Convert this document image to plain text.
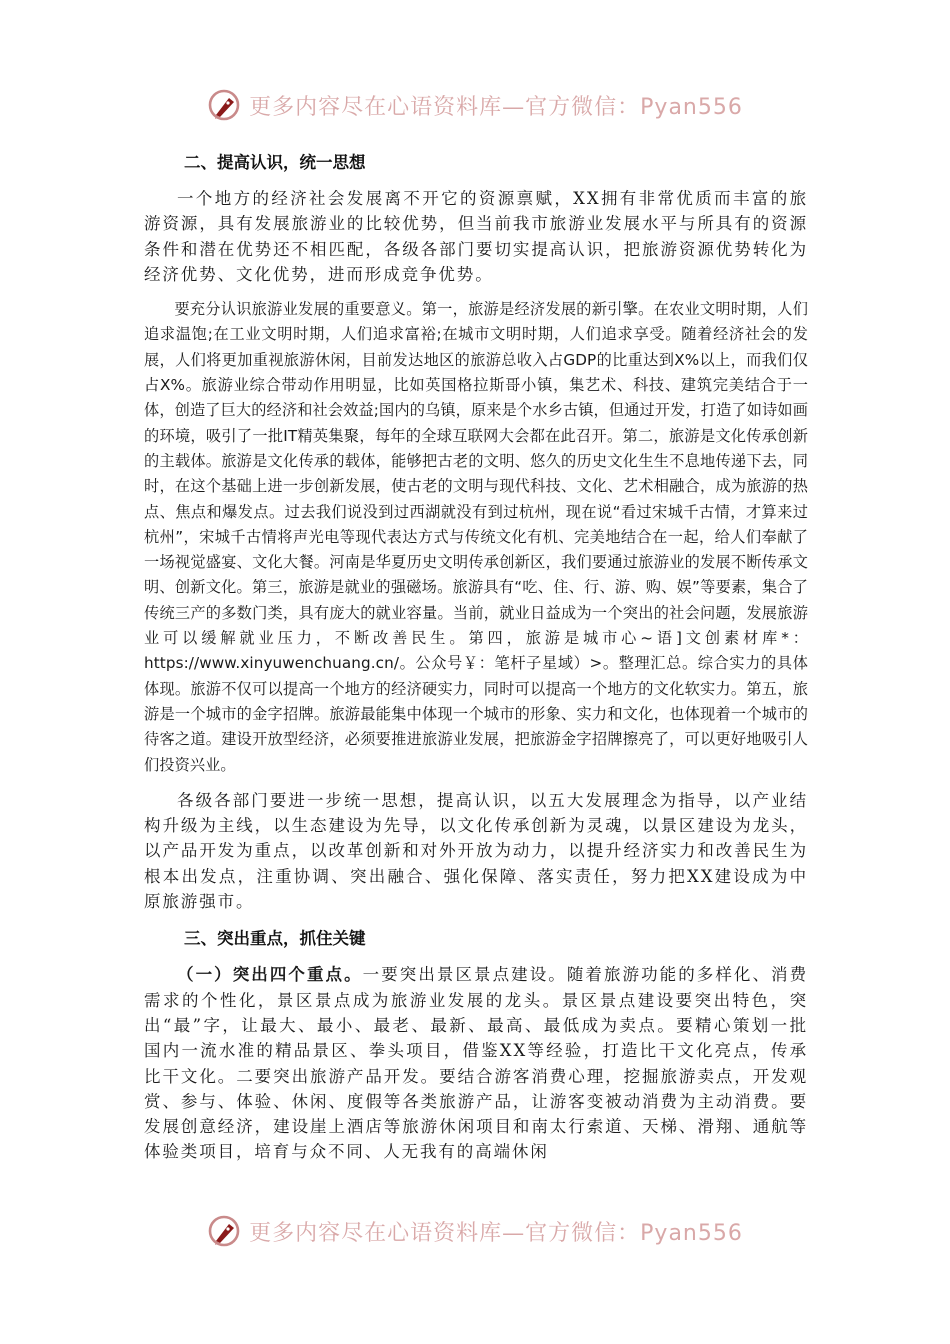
更多内容尽在心语资料库—官方微信：Pyan556
二、提高认识，统一思想

一个地方的经济社会发展离不开它的资源禀赋，XX拥有非常优质而丰富的旅游资源，具有发展旅游业的比较优势，但当前我市旅游业发展水平与所具有的资源条件和潜在优势还不相匹配，各级各部门要切实提高认识，把旅游资源优势转化为经济优势、文化优势，进而形成竞争优势。

要充分认识旅游业发展的重要意义。第一，旅游是经济发展的新引擎。在农业文明时期，人们追求温饱;在工业文明时期，人们追求富裕;在城市文明时期，人们追求享受。随着经济社会的发展，人们将更加重视旅游休闲，目前发达地区的旅游总收入占GDP的比重达到X%以上，而我们仅占X%。旅游业综合带动作用明显，比如英国格拉斯哥小镇，集艺术、科技、建筑完美结合于一体，创造了巨大的经济和社会效益;国内的乌镇，原来是个水乡古镇，但通过开发，打造了如诗如画的环境，吸引了一批IT精英集聚，每年的全球互联网大会都在此召开。第二，旅游是文化传承创新的主载体。旅游是文化传承的载体，能够把古老的文明、悠久的历史文化生生不息地传递下去，同时，在这个基础上进一步创新发展，使古老的文明与现代科技、文化、艺术相融合，成为旅游的热点、焦点和爆发点。过去我们说没到过西湖就没有到过杭州，现在说“看过宋城千古情，才算来过杭州”，宋城千古情将声光电等现代表达方式与传统文化有机、完美地结合在一起，给人们奉献了一场视觉盛宴、文化大餐。河南是华夏历史文明传承创新区，我们要通过旅游业的发展不断传承文明、创新文化。第三，旅游是就业的强磁场。旅游具有“吃、住、行、游、购、娱”等要素，集合了传统三产的多数门类，具有庞大的就业容量。当前，就业日益成为一个突出的社会问题，发展旅游业可以缓解就业压力，不断改善民生。第四，旅游是城市心~语]文创素材库*：https://www.xinyuwenchuang.cn/。公众号￥：笔杆子星域）>。整理汇总。综合实力的具体体现。旅游不仅可以提高一个地方的经济硬实力，同时可以提高一个地方的文化软实力。第五，旅游是一个城市的金字招牌。旅游最能集中体现一个城市的形象、实力和文化，也体现着一个城市的待客之道。建设开放型经济，必须要推进旅游业发展，把旅游金字招牌擦亮了，可以更好地吸引人们投资兴业。

各级各部门要进一步统一思想，提高认识，以五大发展理念为指导，以产业结构升级为主线，以生态建设为先导，以文化传承创新为灵魂，以景区建设为龙头，以产品开发为重点，以改革创新和对外开放为动力，以提升经济实力和改善民生为根本出发点，注重协调、突出融合、强化保障、落实责任，努力把XX建设成为中原旅游强市。

三、突出重点，抓住关键

（一）突出四个重点。一要突出景区景点建设。随着旅游功能的多样化、消费需求的个性化，景区景点成为旅游业发展的龙头。景区景点建设要突出特色，突出“最”字，让最大、最小、最老、最新、最高、最低成为卖点。要精心策划一批国内一流水准的精品景区、拳头项目，借鉴XX等经验，打造比干文化亮点，传承比干文化。二要突出旅游产品开发。要结合游客消费心理，挖掘旅游卖点，开发观赏、参与、体验、休闲、度假等各类旅游产品，让游客变被动消费为主动消费。要发展创意经济，建设崖上酒店等旅游休闲项目和南太行索道、天梯、滑翔、通航等体验类项目，培育与众不同、人无我有的高端休闲

更多内容尽在心语资料库—官方微信：Pyan556
